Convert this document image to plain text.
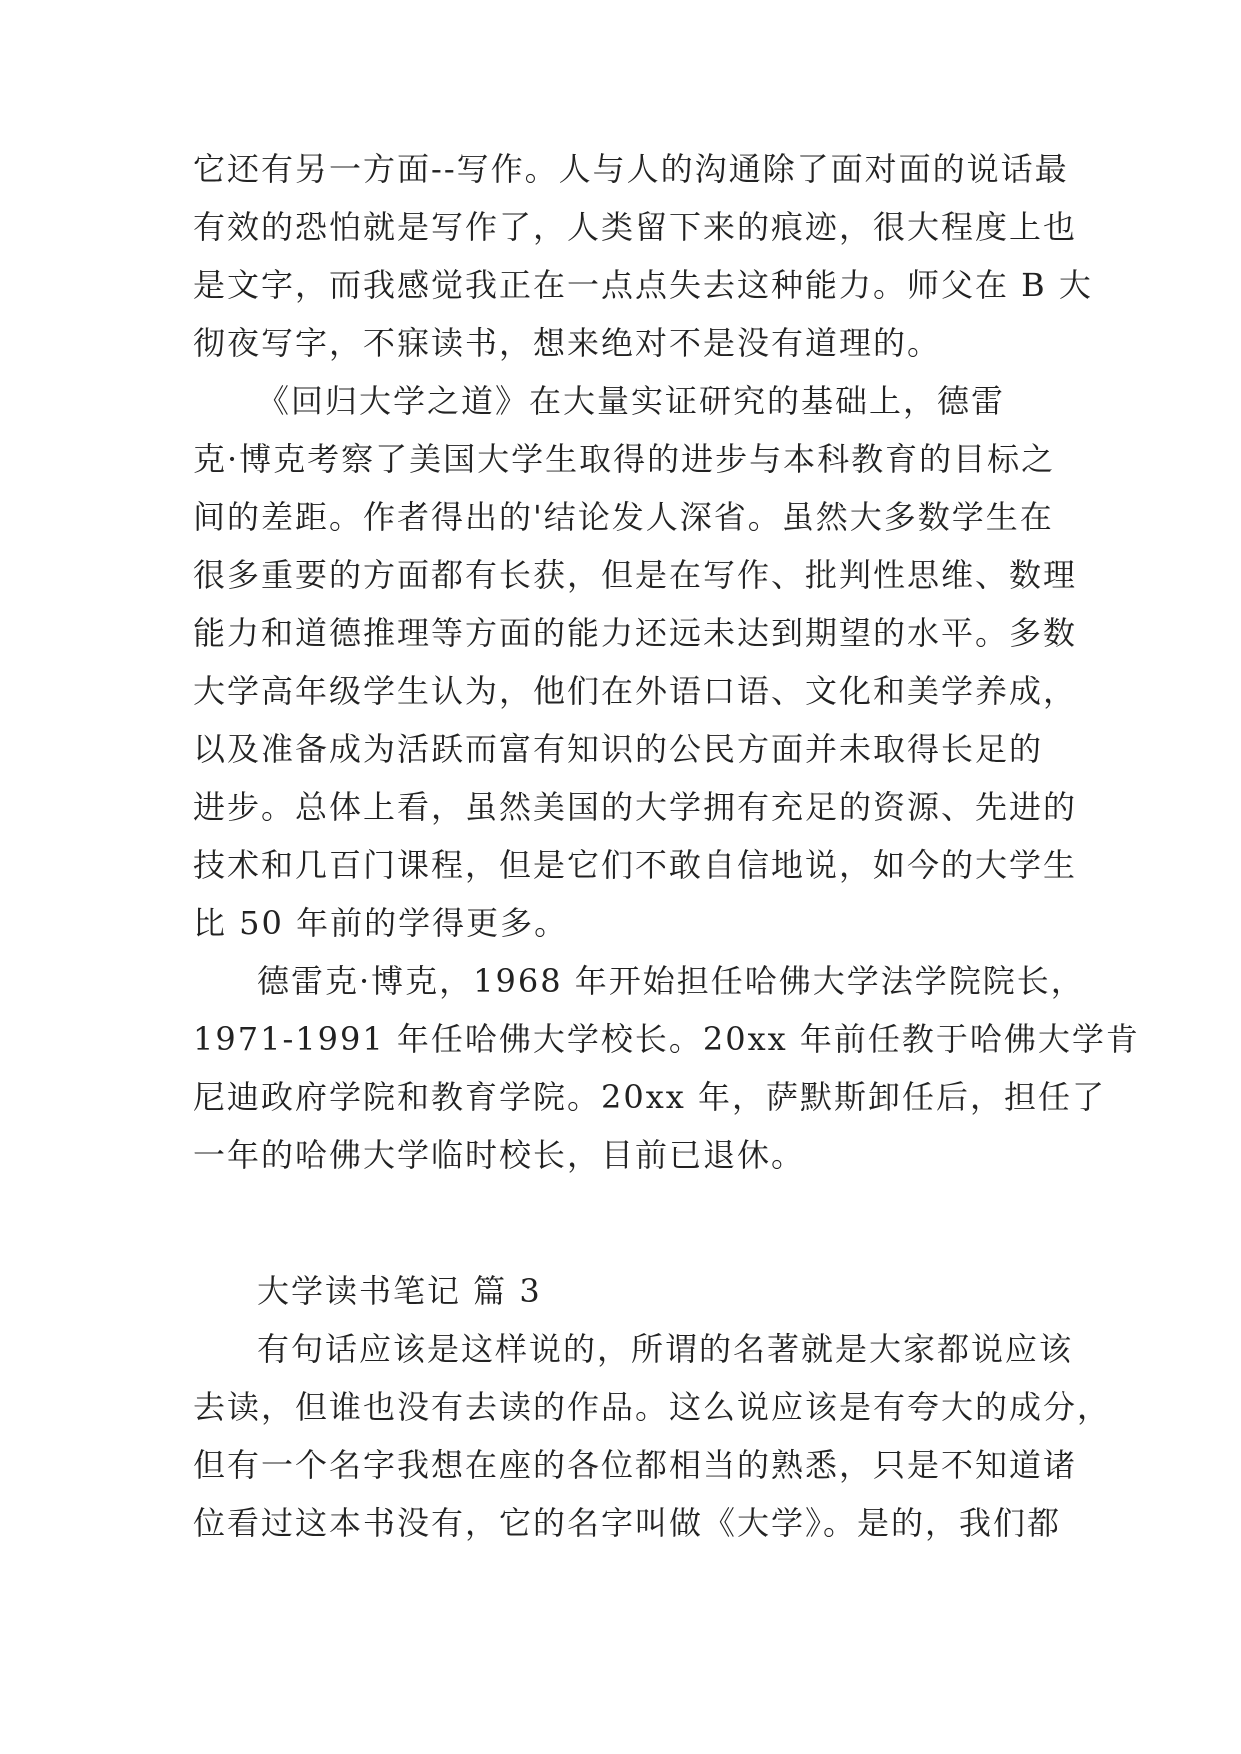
它还有另一方面--写作。人与人的沟通除了面对面的说话最
有效的恐怕就是写作了，人类留下来的痕迹，很大程度上也
是文字，而我感觉我正在一点点失去这种能力。师父在 B 大
彻夜写字，不寐读书，想来绝对不是没有道理的。
《回归大学之道》在大量实证研究的基础上，德雷
克·博克考察了美国大学生取得的进步与本科教育的目标之
间的差距。作者得出的'结论发人深省。虽然大多数学生在
很多重要的方面都有长获，但是在写作、批判性思维、数理
能力和道德推理等方面的能力还远未达到期望的水平。多数
大学高年级学生认为，他们在外语口语、文化和美学养成，
以及准备成为活跃而富有知识的公民方面并未取得长足的
进步。总体上看，虽然美国的大学拥有充足的资源、先进的
技术和几百门课程，但是它们不敢自信地说，如今的大学生
比 50 年前的学得更多。
德雷克·博克，1968 年开始担任哈佛大学法学院院长，
1971-1991 年任哈佛大学校长。20xx 年前任教于哈佛大学肯
尼迪政府学院和教育学院。20xx 年，萨默斯卸任后，担任了
一年的哈佛大学临时校长，目前已退休。
大学读书笔记 篇 3
有句话应该是这样说的，所谓的名著就是大家都说应该
去读，但谁也没有去读的作品。这么说应该是有夸大的成分，
但有一个名字我想在座的各位都相当的熟悉，只是不知道诸
位看过这本书没有，它的名字叫做《大学》。是的，我们都
